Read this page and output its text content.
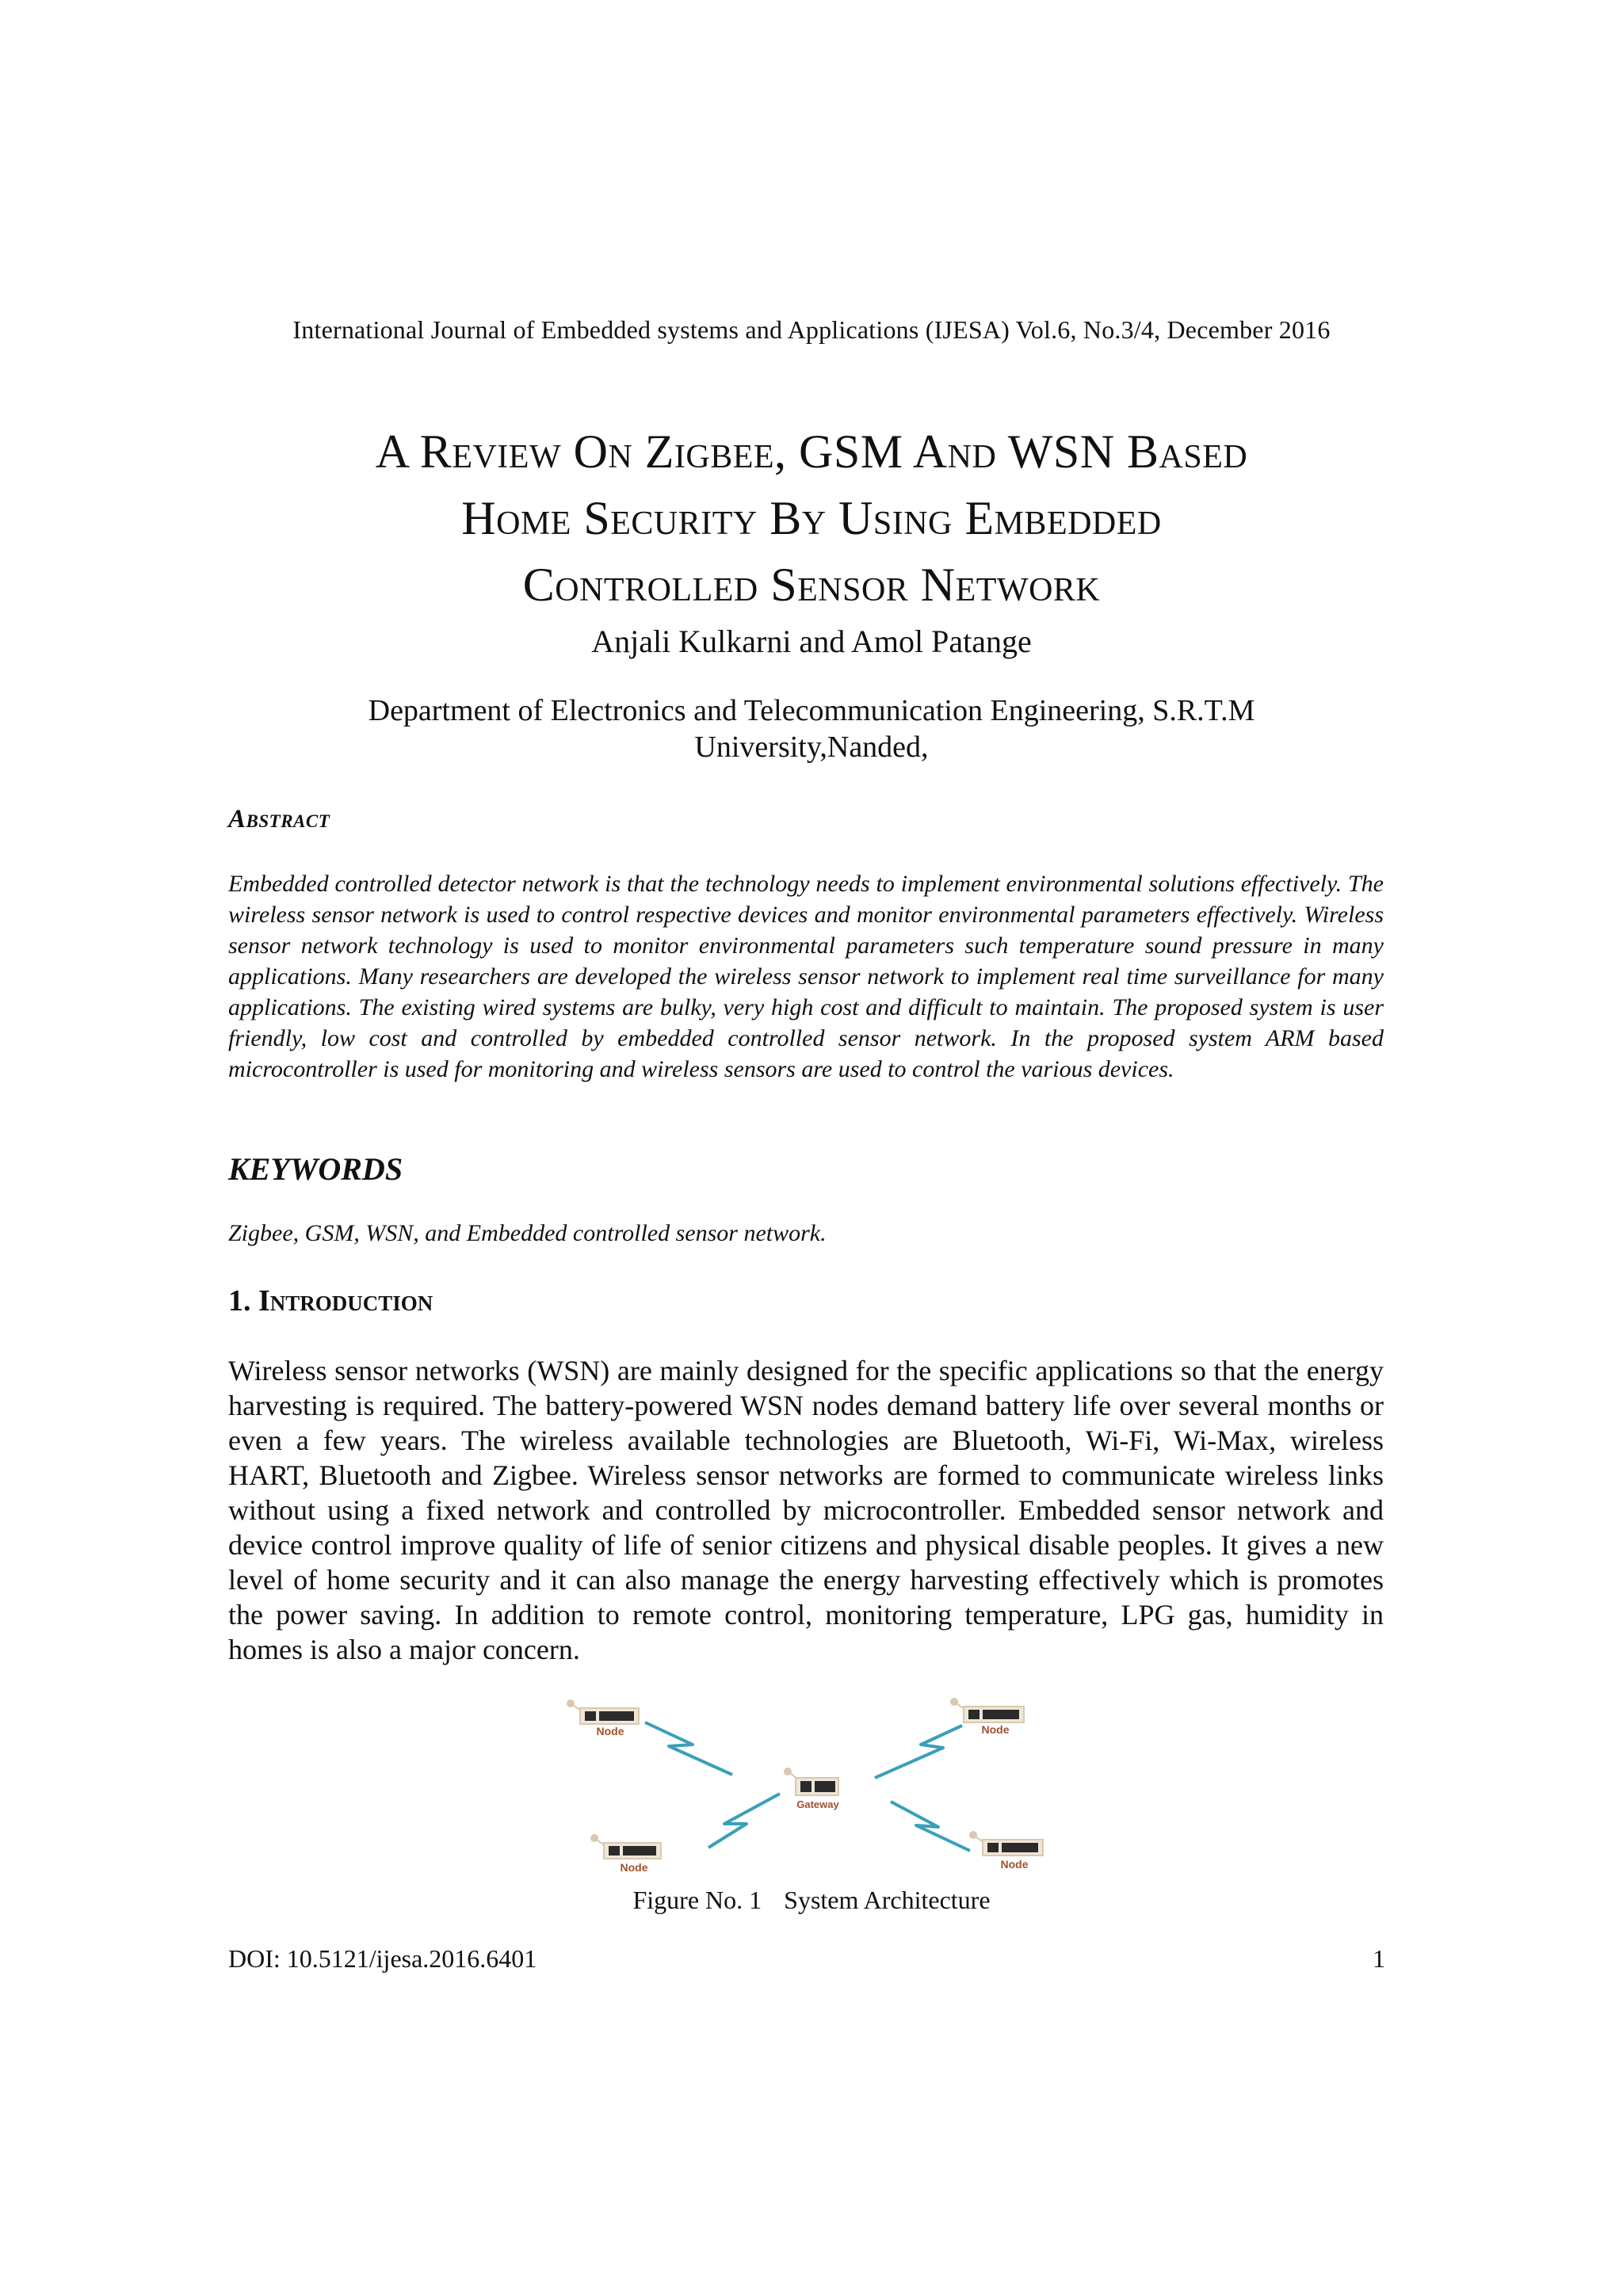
International Journal of Embedded systems and Applications (IJESA) Vol.6, No.3/4, December 2016
A Review On Zigbee, GSM And WSN Based
Home Security By Using Embedded
Controlled Sensor Network
Anjali Kulkarni and Amol Patange
Department of Electronics and Telecommunication Engineering, S.R.T.M
University,Nanded,
Abstract
Embedded controlled detector network is that the technology needs to implement environmental solutions effectively. The wireless sensor network is used to control respective devices and monitor environmental parameters effectively. Wireless sensor network technology is used to monitor environmental parameters such temperature sound pressure in many applications. Many researchers are developed the wireless sensor network to implement real time surveillance for many applications. The existing wired systems are bulky, very high cost and difficult to maintain. The proposed system is user friendly, low cost and controlled by embedded controlled sensor network. In the proposed system ARM based microcontroller is used for monitoring and wireless sensors are used to control the various devices.
KEYWORDS
Zigbee, GSM, WSN, and Embedded controlled sensor network.
1. Introduction
Wireless sensor networks (WSN) are mainly designed for the specific applications so that the energy harvesting is required. The battery-powered WSN nodes demand battery life over several months or even a few years. The wireless available technologies are Bluetooth, Wi-Fi, Wi-Max, wireless HART, Bluetooth and Zigbee. Wireless sensor networks are formed to communicate wireless links without using a fixed network and controlled by microcontroller. Embedded sensor network and device control improve quality of life of senior citizens and physical disable peoples. It gives a new level of home security and it can also manage the energy harvesting effectively which is promotes the power saving. In addition to remote control, monitoring temperature, LPG gas, humidity in homes is also a major concern.
Node	Node
Gateway
Node	Node
Figure No. 1 System Architecture
DOI: 10.5121/ijesa.2016.6401	1
